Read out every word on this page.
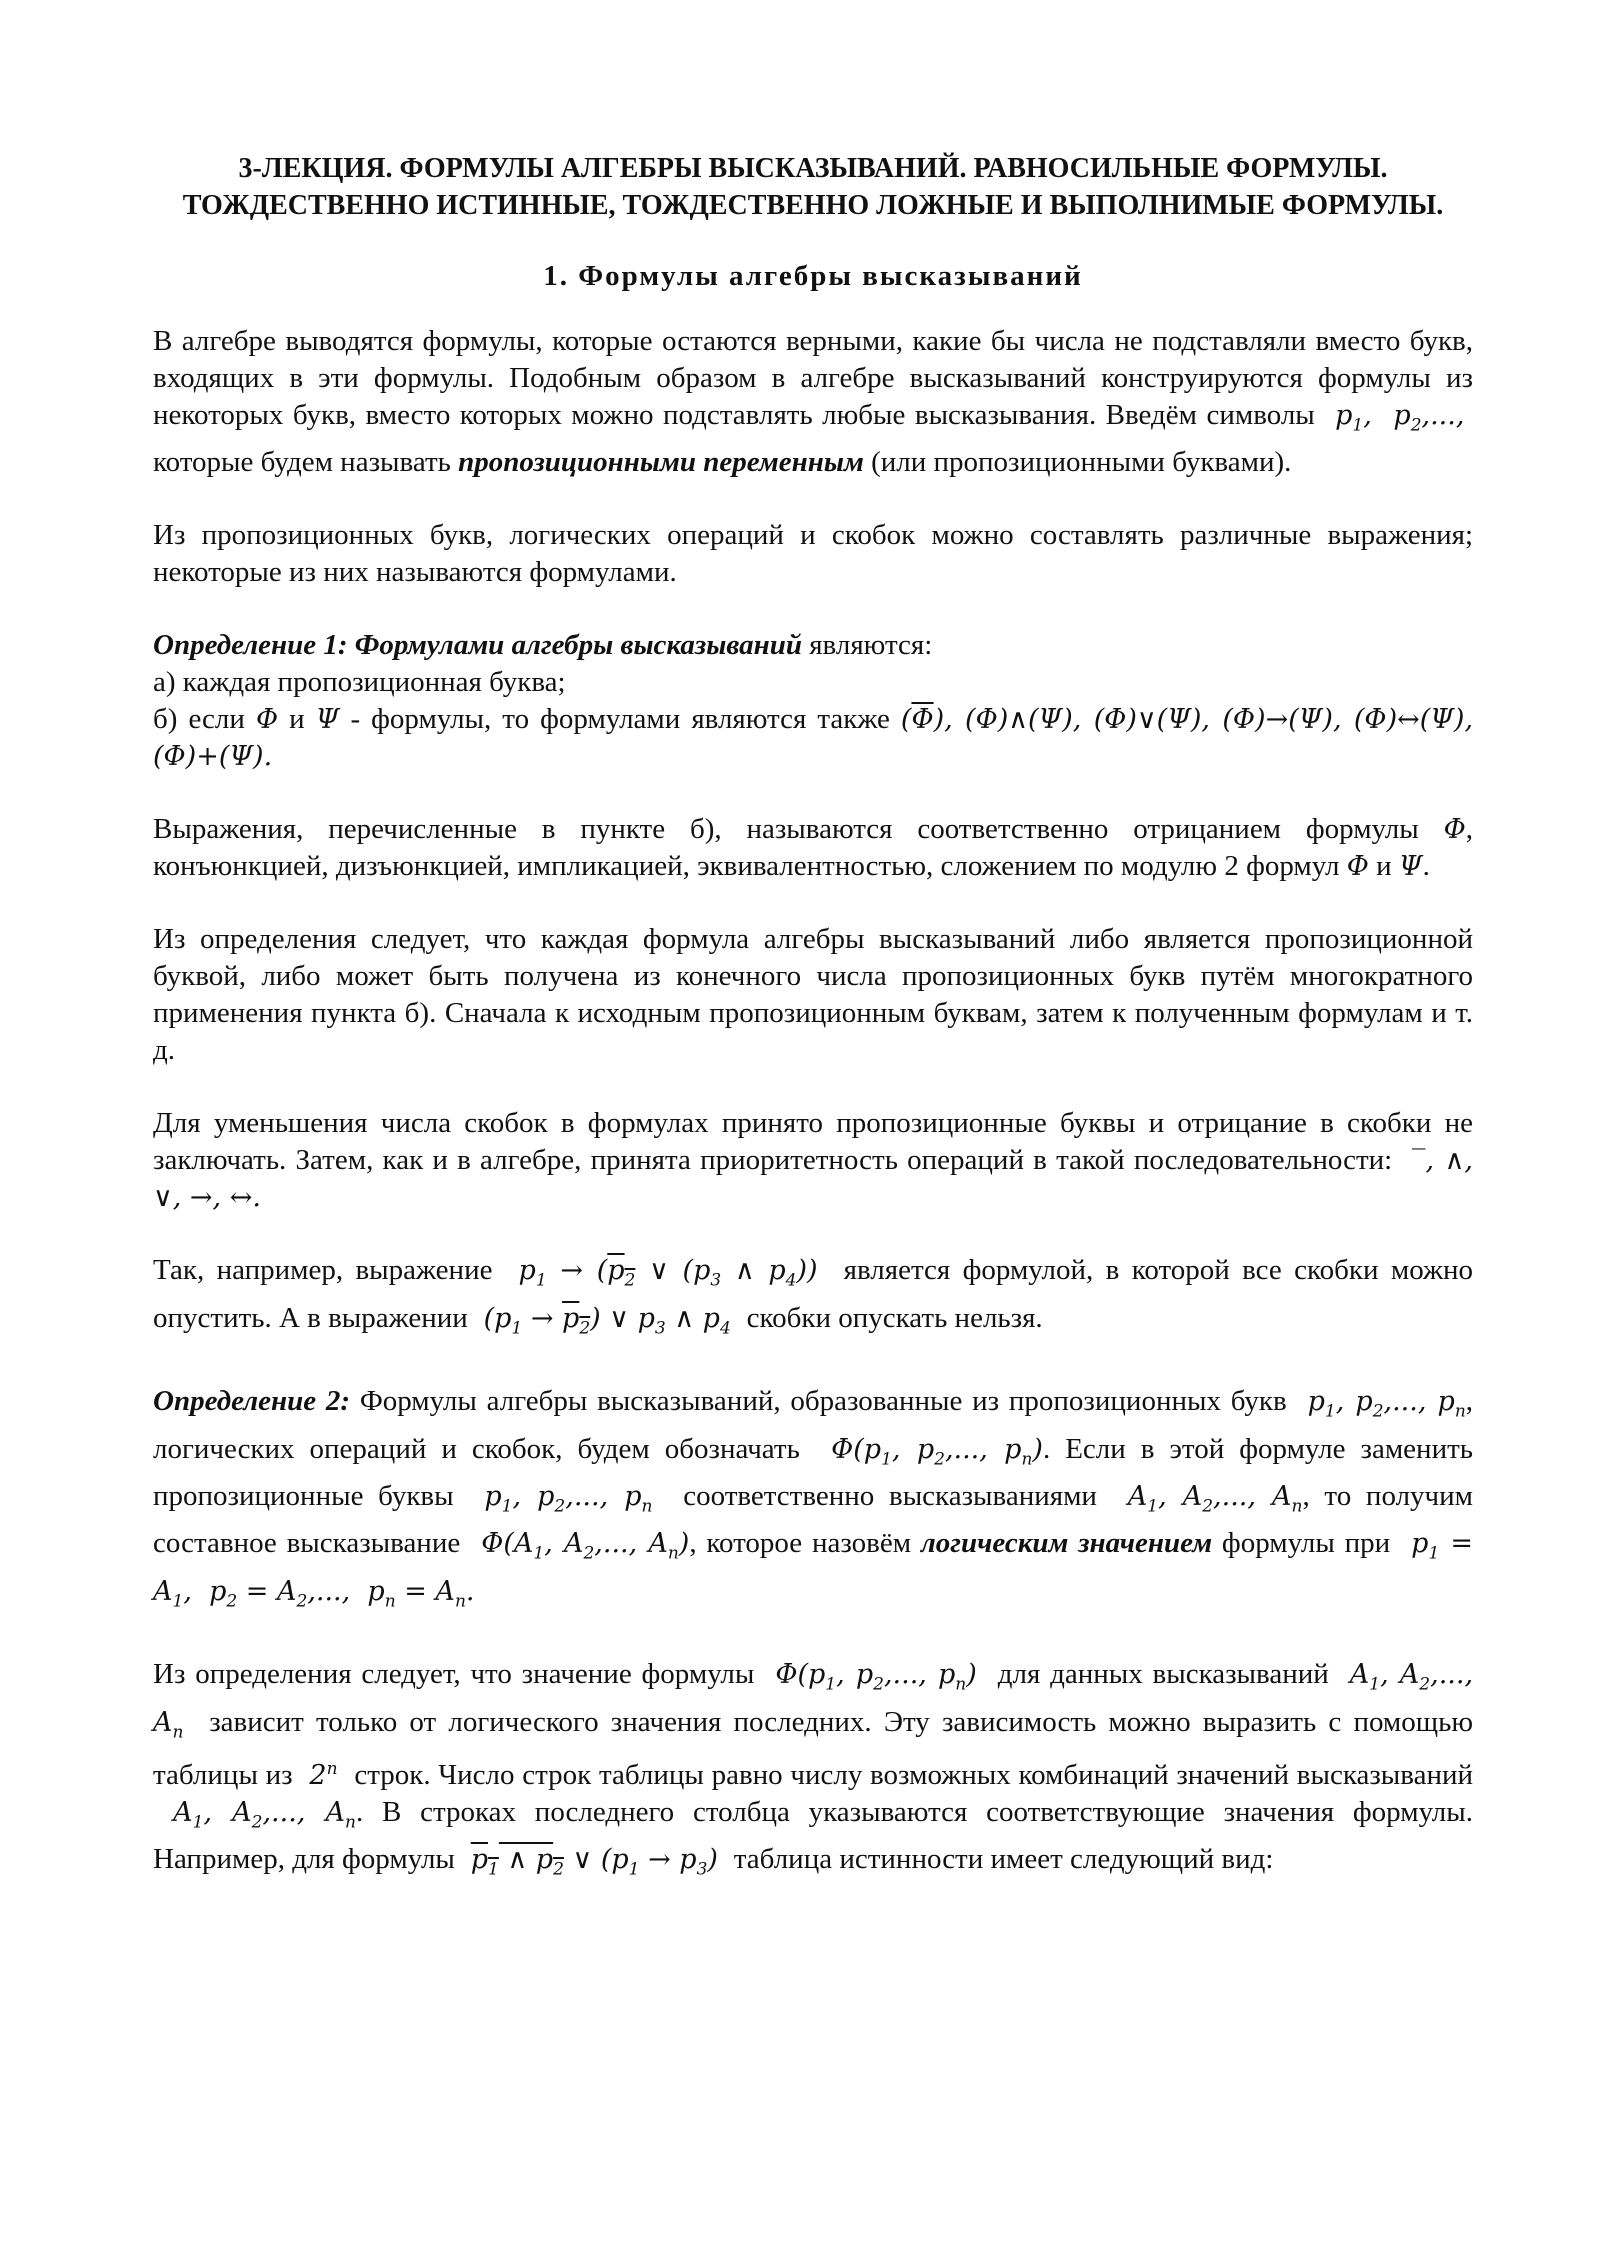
3-ЛЕКЦИЯ. ФОРМУЛЫ АЛГЕБРЫ ВЫСКАЗЫВАНИЙ. РАВНОСИЛЬНЫЕ ФОРМУЛЫ. ТОЖДЕСТВЕННО ИСТИННЫЕ, ТОЖДЕСТВЕННО ЛОЖНЫЕ И ВЫПОЛНИМЫЕ ФОРМУЛЫ.
1. Формулы алгебры высказываний

В алгебре выводятся формулы, которые остаются верными, какие бы числа не подставляли вместо букв, входящих в эти формулы. Подобным образом в алгебре высказываний конструируются формулы из некоторых букв, вместо которых можно подставлять любые высказывания. Введём символы  $p_1$,  $p_2$,...,  которые будем называть пропозиционными переменным (или пропозиционными буквами).

Из пропозиционных букв, логических операций и скобок можно составлять различные выражения; некоторые из них называются формулами.

Определение 1: Формулами алгебры высказываний являются:
а) каждая пропозиционная буква;
б) если Φ и Ψ - формулы, то формулами являются также $(\overline{\Phi})$, (Φ)∧(Ψ), (Φ)∨(Ψ), (Φ)→(Ψ), (Φ)↔(Ψ), (Φ)+(Ψ).

Выражения, перечисленные в пункте б), называются соответственно отрицанием формулы Φ, конъюнкцией, дизъюнкцией, импликацией, эквивалентностью, сложением по модулю 2 формул Φ и Ψ.

Из определения следует, что каждая формула алгебры высказываний либо является пропозиционной буквой, либо может быть получена из конечного числа пропозиционных букв путём многократного применения пункта б). Сначала к исходным пропозиционным буквам, затем к полученным формулам и т. д.

Для уменьшения числа скобок в формулах принято пропозиционные буквы и отрицание в скобки не заключать. Затем, как и в алгебре, принята приоритетность операций в такой последовательности:  ‾, ∧, ∨, →, ↔.

Так, например, выражение  $p_1 \to (p_2$ ∨ ($p_3$ ∧ $p_4$))  является формулой, в которой все скобки можно опустить. А в выражении  $(p_1 \to p_2)$ ∨ $p_3$ ∧ $p_4$ скобки опускать нельзя.

Определение 2: Формулы алгебры высказываний, образованные из пропозиционных букв  $p_1$, $p_2$,..., $p_n$, логических операций и скобок, будем обозначать  $\Phi(p_1$, $p_2$,..., $p_n$). Если в этой формуле заменить пропозиционные буквы  $p_1$, $p_2$,..., $p_n$ соответственно высказываниями  $A_1$, $A_2$,..., $A_n$, то получим составное высказывание  $\Phi(A_1$, $A_2$,..., $A_n$), которое назовём логическим значением формулы при  $p_1 = A_1$,  $p_2 = A_2$,...,  $p_n = A_n$.

Из определения следует, что значение формулы  $\Phi(p_1$, $p_2$,..., $p_n$)  для данных высказываний  $A_1$, $A_2$,..., $A_n$ зависит только от логического значения последних. Эту зависимость можно выразить с помощью таблицы из  2$^n$ строк. Число строк таблицы равно числу возможных комбинаций значений высказываний  $A_1$, $A_2$,..., $A_n$. В строках последнего столбца указываются соответствующие значения формулы. Например, для формулы $p_1$ ∧ $p_2$ ∨ $(p_1 \to p_3)$  таблица истинности имеет следующий вид:
